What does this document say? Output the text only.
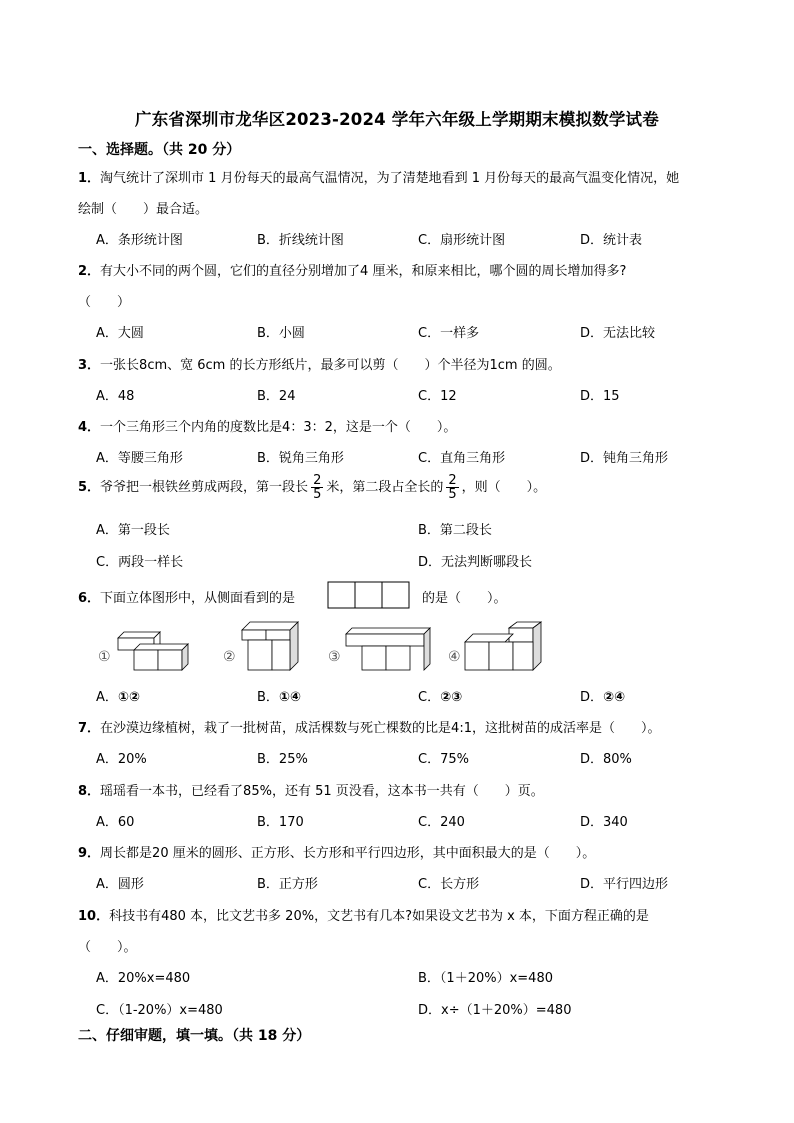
广东省深圳市龙华区2023-2024 学年六年级上学期期末模拟数学试卷
一、选择题。（共 20 分）
1．淘气统计了深圳市 1 月份每天的最高气温情况，为了清楚地看到 1 月份每天的最高气温变化情况，她
绘制（　　）最合适。
A．条形统计图	B．折线统计图	C．扇形统计图	D．统计表
2．有大小不同的两个圆，它们的直径分别增加了4 厘米，和原来相比，哪个圆的周长增加得多?
（　　）
A．大圆	B．小圆	C．一样多	D．无法比较
3．一张长8cm、宽 6cm 的长方形纸片，最多可以剪（　　）个半径为1cm 的圆。
A．48	B．24	C．12	D．15
4．一个三角形三个内角的度数比是4：3：2，这是一个（　　）。
A．等腰三角形	B．锐角三角形	C．直角三角形	D．钝角三角形
5．爷爷把一根铁丝剪成两段，第一段长 $\frac{2}{5}$ 米，第二段占全长的 $\frac{2}{5}$ ，则（　　）。
A．第一段长	B．第二段长
C．两段一样长	D．无法判断哪段长
6．下面立体图形中，从侧面看到的是	的是（　　）。
①	②	③	④
A．①②	B．①④	C．②③	D．②④
7．在沙漠边缘植树，栽了一批树苗，成活棵数与死亡棵数的比是4:1，这批树苗的成活率是（　　）。
A．20%	B．25%	C．75%	D．80%
8．瑶瑶看一本书，已经看了85%，还有 51 页没看，这本书一共有（　　）页。
A．60	B．170	C．240	D．340
9．周长都是20 厘米的圆形、正方形、长方形和平行四边形，其中面积最大的是（　　）。
A．圆形	B．正方形	C．长方形	D．平行四边形
10．科技书有480 本，比文艺书多 20%，文艺书有几本?如果设文艺书为 x 本，下面方程正确的是
（　　）。
A．20%x=480	B．（1＋20%）x=480
C．（1-20%）x=480	D．x÷（1＋20%）=480
二、仔细审题，填一填。（共 18 分）
